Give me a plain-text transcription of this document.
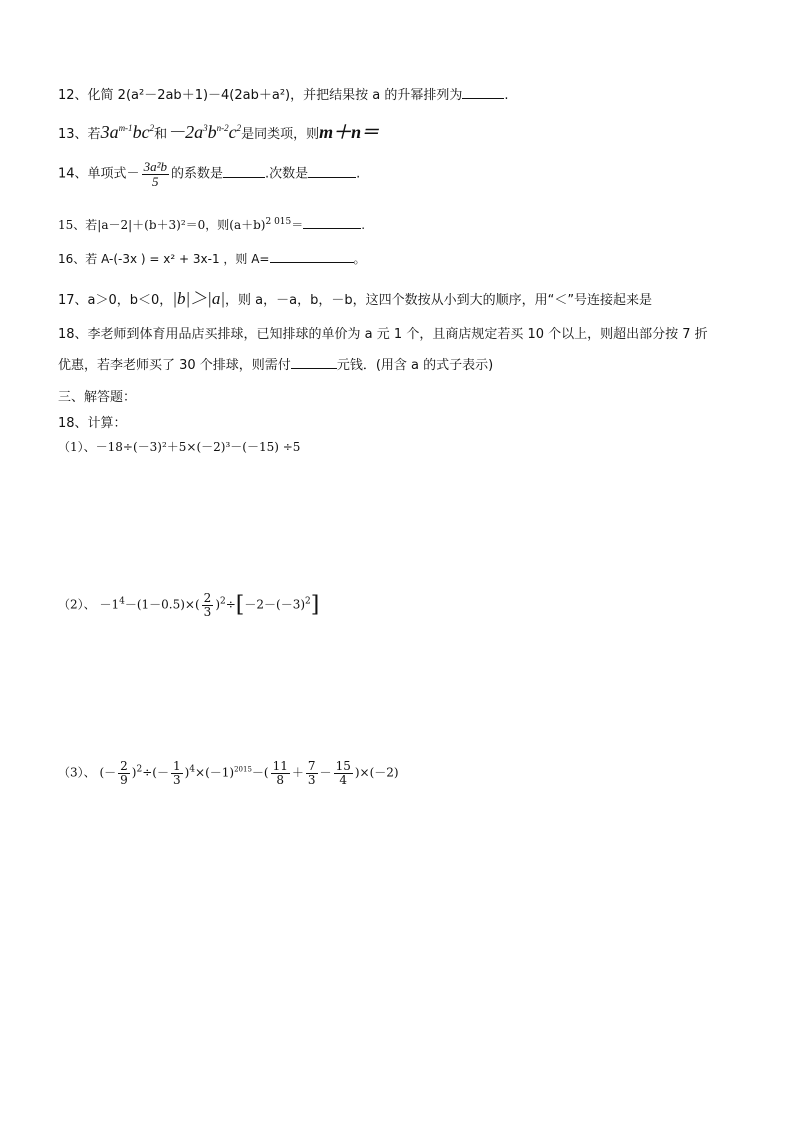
12、化简 2(a²－2ab＋1)－4(2ab＋a²)，并把结果按 a 的升幂排列为	.
13、若$3a^{m-1}bc^2$和$-2a^3b^{n-2}c^2$是同类项，则m＋n＝
14、单项式－ $\frac{\text{3a²b}}{5}$ 的系数是	.次数是	.
15、若|a－2|＋(b＋3)²＝0，则$(a+b)^{2 015}=$	.
16、若 A-(-3x ) = x² + 3x-1 ，则 A=	。
17、a＞0，b＜0，|b|＞|a|，则 a，－a，b，－b，这四个数按从小到大的顺序，用“＜”号连接起来是
18、李老师到体育用品店买排球，已知排球的单价为 a 元 1 个，且商店规定若买 10 个以上，则超出部分按 7 折
优惠，若李老师买了 30 个排球，则需付	元钱．(用含 a 的式子表示)
三、解答题：
18、计算：
（1）、－18÷(－3)²＋5×(－2)³－(－15) ÷5
（2）、 $-1^4-(1-0.5)\times( \frac{2}{3} )^2\div[-2-(-3)^2]$
（3）、 (－ $\frac{2}{9} )^2\div(- \frac{1}{3} )^4\times(-1)^{2015}-( \frac{11}{8} + \frac{7}{3} - \frac{15}{4} )\times(-2)$
